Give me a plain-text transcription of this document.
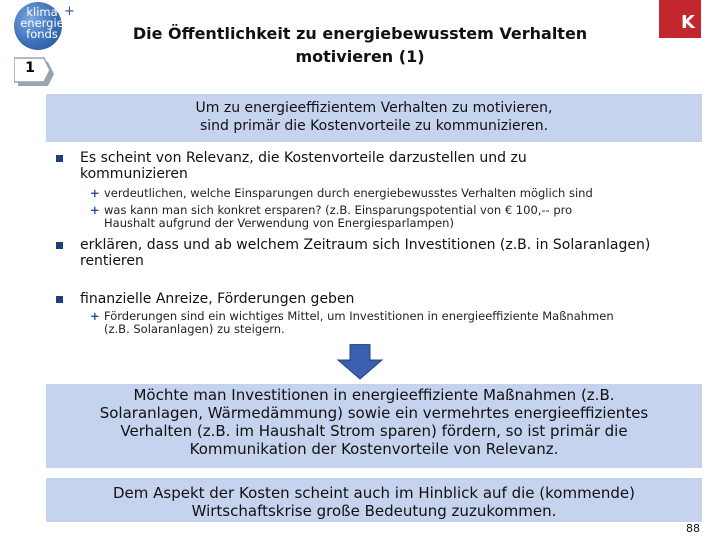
klima
energie
fonds
+
1
Die Öffentlichkeit zu energiebewusstem Verhalten
motivieren (1)
K
Um zu energieeffizientem Verhalten zu motivieren,
sind primär die Kostenvorteile zu kommunizieren.
Es scheint von Relevanz, die Kostenvorteile darzustellen und zu
kommunizieren
+ verdeutlichen, welche Einsparungen durch energiebewusstes Verhalten möglich sind
+ was kann man sich konkret ersparen? (z.B. Einsparungspotential von € 100,-- pro
Haushalt aufgrund der Verwendung von Energiesparlampen)
erklären, dass und ab welchem Zeitraum sich Investitionen (z.B. in Solaranlagen)
rentieren
finanzielle Anreize, Förderungen geben
+ Förderungen sind ein wichtiges Mittel, um Investitionen in energieeffiziente Maßnahmen
(z.B. Solaranlagen) zu steigern.
Möchte man Investitionen in energieeffiziente Maßnahmen (z.B.
Solaranlagen, Wärmedämmung) sowie ein vermehrtes energieeffizientes
Verhalten (z.B. im Haushalt Strom sparen) fördern, so ist primär die
Kommunikation der Kostenvorteile von Relevanz.
Dem Aspekt der Kosten scheint auch im Hinblick auf die (kommende)
Wirtschaftskrise große Bedeutung zuzukommen.
88
